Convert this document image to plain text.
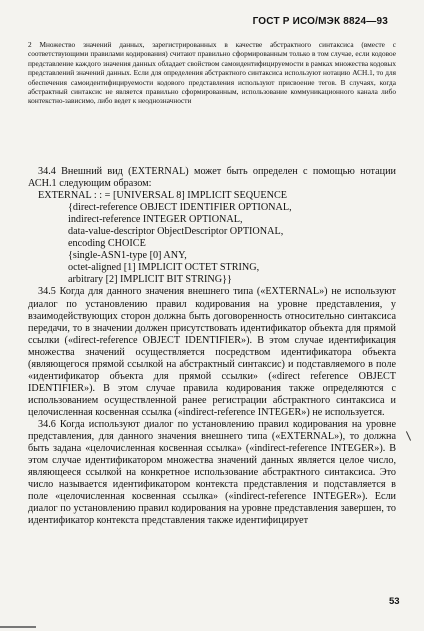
ГОСТ Р ИСО/МЭК 8824—93
2 Множество значений данных, зарегистрированных в качестве абстрактного синтаксиса (вместе с соответствующими правилами кодирования) считают правильно сформированным только в том случае, если кодовое представление каждого значения данных обладает свойством самоидентифицируемости в рамках множества кодовых представлений значений данных. Если для определения абстрактного синтаксиса используют нотацию АСН.1, то для обеспечения самоидентифицируемости кодового представления используют присвоение тегов. В случаях, когда абстрактный синтаксис не является правильно сформированным, использование коммуникационного канала либо контекстно-зависимо, либо ведет к неоднозначности

34.4 Внешний вид (EXTERNAL) может быть определен с помощью нотации АСН.1 следующим образом:

EXTERNAL : : = [UNIVERSAL 8] IMPLICIT SEQUENCE
{direct-reference OBJECT IDENTIFIER OPTIONAL,
indirect-reference INTEGER OPTIONAL,
data-value-descriptor ObjectDescriptor OPTIONAL,
encoding CHOICE
{single-ASN1-type [0] ANY,
octet-aligned [1] IMPLICIT OCTET STRING,
arbitrary [2] IMPLICIT BIT STRING}}

34.5 Когда для данного значения внешнего типа («EXTERNAL») не используют диалог по установлению правил кодирования на уровне представления, у взаимодействующих сторон должна быть договоренность относительно синтаксиса передачи, то в значении должен присутствовать идентификатор объекта для прямой ссылки («direct-reference OBJECT IDENTIFIER»). В этом случае идентификация множества значений осуществляется посредством идентификатора объекта (являющегося прямой ссылкой на абстрактный синтаксис) и подставляемого в поле «идентификатор объекта для прямой ссылки» («direct reference OBJECT IDENTIFIER»). В этом случае правила кодирования также определяются с использованием осуществленной ранее регистрации абстрактного синтаксиса и целочисленная косвенная ссылка («indirect-reference INTEGER») не используется.

34.6 Когда используют диалог по установлению правил кодирования на уровне представления, для данного значения внешнего типа («EXTERNAL»), то должна быть задана «целочисленная косвенная ссылка» («indirect-reference INTEGER»). В этом случае идентификатором множества значений данных является целое число, являющееся ссылкой на конкретное использование абстрактного синтаксиса. Это число называется идентификатором контекста представления и подставляется в поле «целочисленная косвенная ссылка» («indirect-reference INTEGER»). Если диалог по установлению правил кодирования на уровне представления завершен, то идентификатор контекста представления также идентифицирует

53
